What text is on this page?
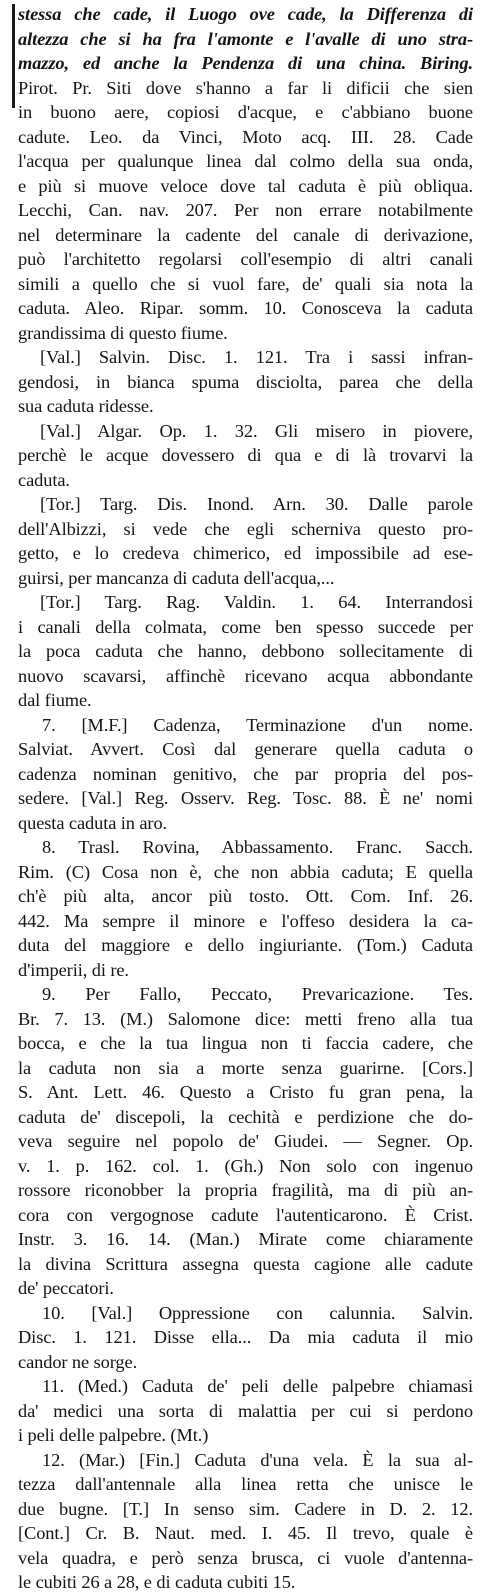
stessa che cade, il Luogo ove cade, la Differenza di
altezza che si ha fra l'amonte e l'avalle di uno stra-
mazzo, ed anche la Pendenza di una china. Biring.
Pirot. Pr. Siti dove s'hanno a far li dificii che sien
in buono aere, copiosi d'acque, e c'abbiano buone
cadute. Leo. da Vinci, Moto acq. III. 28. Cade
l'acqua per qualunque linea dal colmo della sua onda,
e più si muove veloce dove tal caduta è più obliqua.
Lecchi, Can. nav. 207. Per non errare notabilmente
nel determinare la cadente del canale di derivazione,
può l'architetto regolarsi coll'esempio di altri canali
simili a quello che si vuol fare, de' quali sia nota la
caduta. Aleo. Ripar. somm. 10. Conosceva la caduta
grandissima di questo fiume.
[Val.] Salvin. Disc. 1. 121. Tra i sassi infran-
gendosi, in bianca spuma disciolta, parea che della
sua caduta ridesse.
[Val.] Algar. Op. 1. 32. Gli misero in piovere,
perchè le acque dovessero di qua e di là trovarvi la
caduta.
[Tor.] Targ. Dis. Inond. Arn. 30. Dalle parole
dell'Albizzi, si vede che egli scherniva questo pro-
getto, e lo credeva chimerico, ed impossibile ad ese-
guirsi, per mancanza di caduta dell'acqua,...
[Tor.] Targ. Rag. Valdin. 1. 64. Interrandosi
i canali della colmata, come ben spesso succede per
la poca caduta che hanno, debbono sollecitamente di
nuovo scavarsi, affinchè ricevano acqua abbondante
dal fiume.
7. [M.F.] Cadenza, Terminazione d'un nome.
Salviat. Avvert. Così dal generare quella caduta o
cadenza nominan genitivo, che par propria del pos-
sedere. [Val.] Reg. Osserv. Reg. Tosc. 88. È ne' nomi
questa caduta in aro.
8. Trasl. Rovina, Abbassamento. Franc. Sacch.
Rim. (C) Cosa non è, che non abbia caduta; E quella
ch'è più alta, ancor più tosto. Ott. Com. Inf. 26.
442. Ma sempre il minore e l'offeso desidera la ca-
duta del maggiore e dello ingiuriante. (Tom.) Caduta
d'imperii, di re.
9. Per Fallo, Peccato, Prevaricazione. Tes.
Br. 7. 13. (M.) Salomone dice: metti freno alla tua
bocca, e che la tua lingua non ti faccia cadere, che
la caduta non sia a morte senza guarirne. [Cors.]
S. Ant. Lett. 46. Questo a Cristo fu gran pena, la
caduta de' discepoli, la cechità e perdizione che do-
veva seguire nel popolo de' Giudei. — Segner. Op.
v. 1. p. 162. col. 1. (Gh.) Non solo con ingenuo
rossore riconobber la propria fragilità, ma di più an-
cora con vergognose cadute l'autenticarono. È Crist.
Instr. 3. 16. 14. (Man.) Mirate come chiaramente
la divina Scrittura assegna questa cagione alle cadute
de' peccatori.
10. [Val.] Oppressione con calunnia. Salvin.
Disc. 1. 121. Disse ella... Da mia caduta il mio
candor ne sorge.
11. (Med.) Caduta de' peli delle palpebre chiamasi
da' medici una sorta di malattia per cui si perdono
i peli delle palpebre. (Mt.)
12. (Mar.) [Fin.] Caduta d'una vela. È la sua al-
tezza dall'antennale alla linea retta che unisce le
due bugne. [T.] In senso sim. Cadere in D. 2. 12.
[Cont.] Cr. B. Naut. med. I. 45. Il trevo, quale è
vela quadra, e però senza brusca, ci vuole d'antenna-
le cubiti 26 a 28, e di caduta cubiti 15.
